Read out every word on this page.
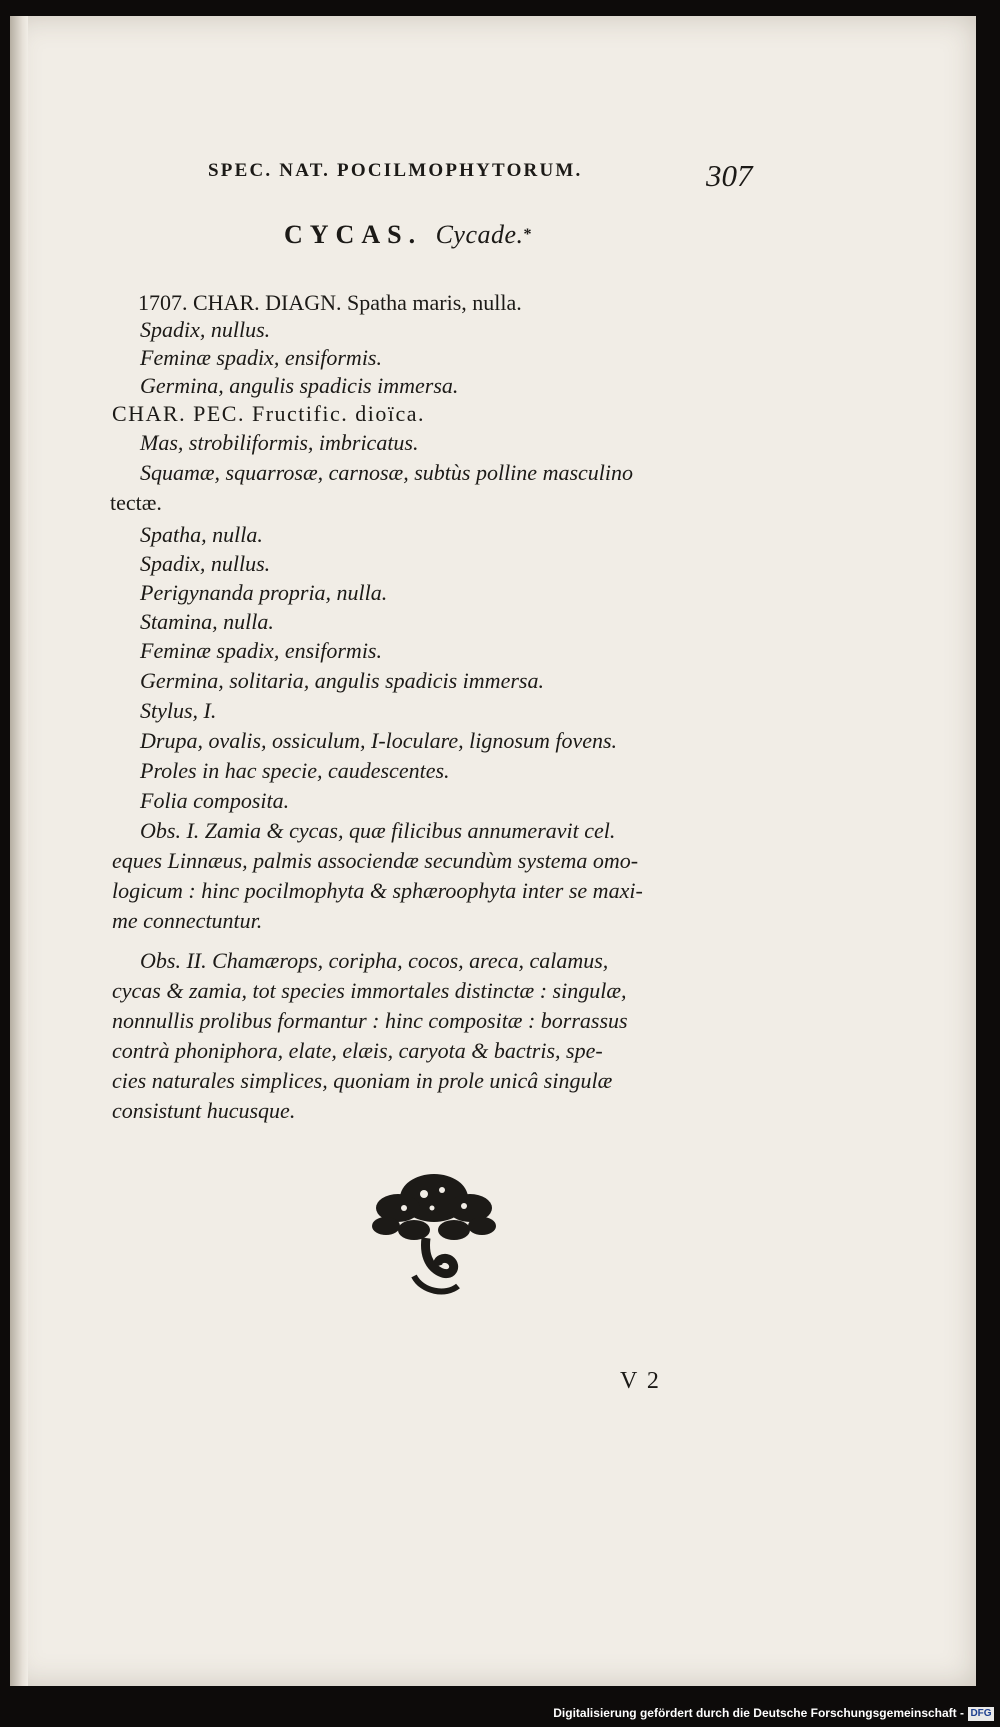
SPEC. NAT. POCILMOPHYTORUM.	307
CYCAS. Cycade.*
1707. CHAR. DIAGN. Spatha maris, nulla.
Spadix, nullus.
Feminæ spadix, ensiformis.
Germina, angulis spadicis immersa.
CHAR. PEC. Fructific. dioïca.
Mas, strobiliformis, imbricatus.
Squamæ, squarrosæ, carnosæ, subtùs polline masculino
tectæ.
Spatha, nulla.
Spadix, nullus.
Perigynanda propria, nulla.
Stamina, nulla.
Feminæ spadix, ensiformis.
Germina, solitaria, angulis spadicis immersa.
Stylus, I.
Drupa, ovalis, ossiculum, I-loculare, lignosum fovens.
Proles in hac specie, caudescentes.
Folia composita.
Obs. I. Zamia & cycas, quæ filicibus annumeravit cel.
eques Linnæus, palmis associendæ secundùm systema omo-
logicum : hinc pocilmophyta & sphæroophyta inter se maxi-
me connectuntur.
Obs. II. Chamærops, coripha, cocos, areca, calamus,
cycas & zamia, tot species immortales distinctæ : singulæ,
nonnullis prolibus formantur : hinc compositæ : borrassus
contrà phoniphora, elate, elæis, caryota & bactris, spe-
cies naturales simplices, quoniam in prole unicâ singulæ
consistunt hucusque.
V 2
Digitalisierung gefördert durch die Deutsche Forschungsgemeinschaft - DFG
